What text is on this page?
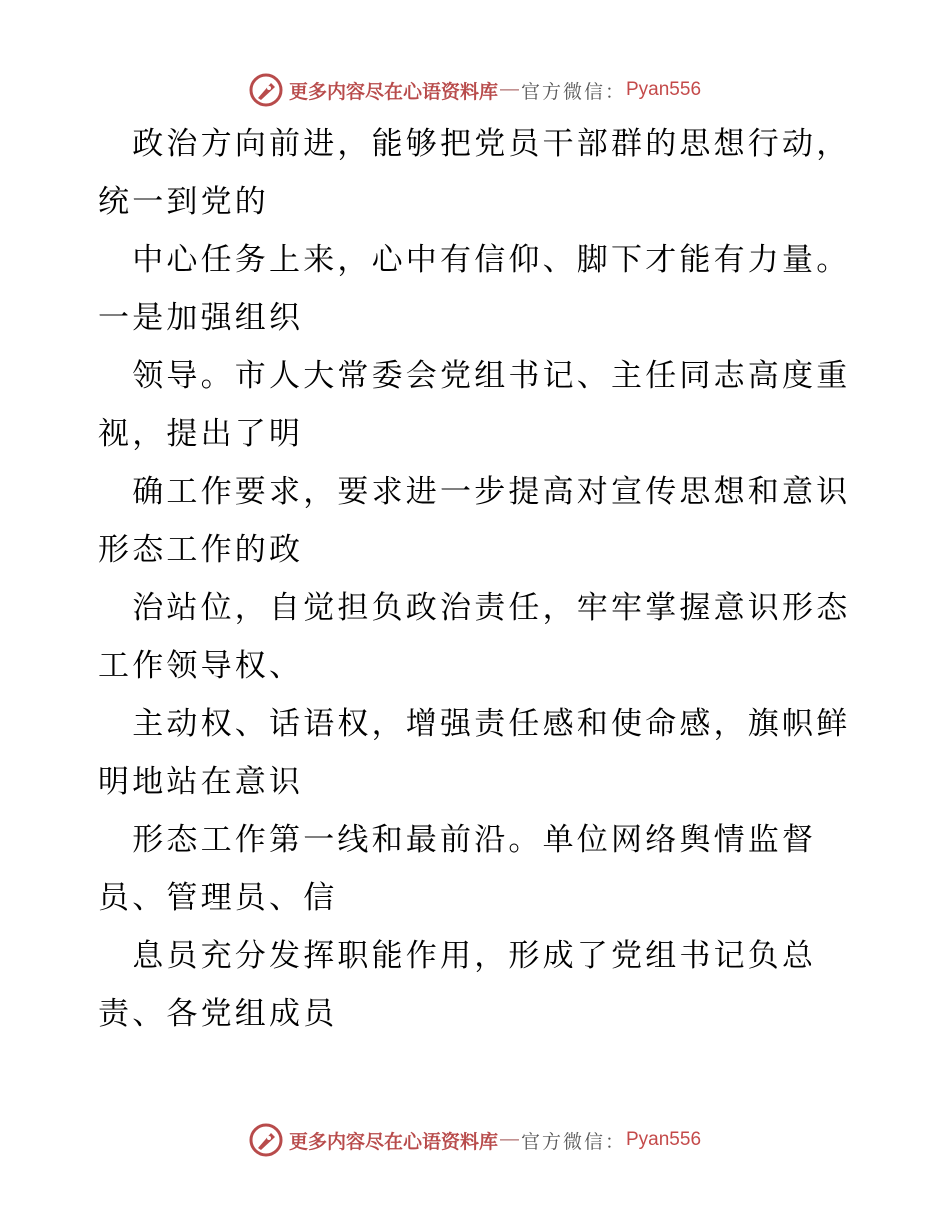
更多内容尽在心语资料库 — 官方微信： Pyan556
　政治方向前进，能够把党员干部群的思想行动，
统一到党的
　中心任务上来，心中有信仰、脚下才能有力量。
一是加强组织
　领导。市人大常委会党组书记、主任同志高度重
视，提出了明
　确工作要求，要求进一步提高对宣传思想和意识
形态工作的政
　治站位，自觉担负政治责任，牢牢掌握意识形态
工作领导权、
　主动权、话语权，增强责任感和使命感，旗帜鲜
明地站在意识
　形态工作第一线和最前沿。单位网络舆情监督
员、管理员、信
　息员充分发挥职能作用，形成了党组书记负总
责、各党组成员
更多内容尽在心语资料库 — 官方微信： Pyan556
